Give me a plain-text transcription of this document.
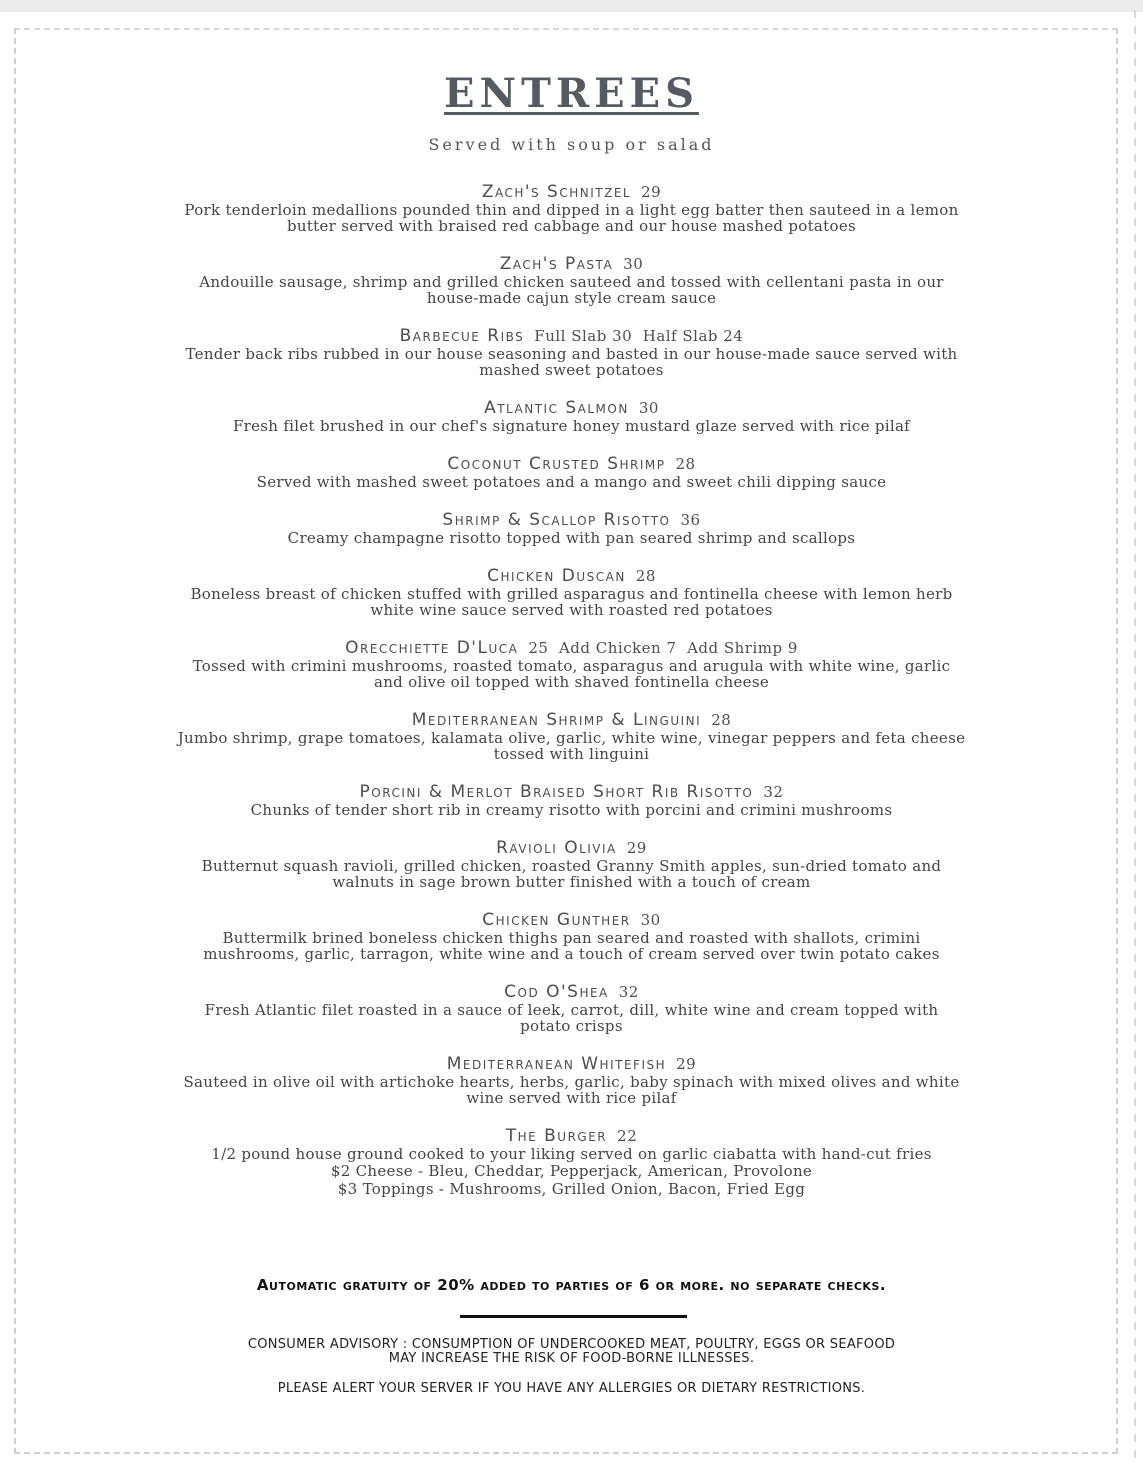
ENTREES
Served with soup or salad
Zach's Schnitzel 29
Pork tenderloin medallions pounded thin and dipped in a light egg batter then sauteed in a lemon
butter served with braised red cabbage and our house mashed potatoes
Zach's Pasta 30
Andouille sausage, shrimp and grilled chicken sauteed and tossed with cellentani pasta in our
house-made cajun style cream sauce
Barbecue Ribs Full Slab 30  Half Slab 24
Tender back ribs rubbed in our house seasoning and basted in our house-made sauce served with
mashed sweet potatoes
Atlantic Salmon 30
Fresh filet brushed in our chef's signature honey mustard glaze served with rice pilaf
Coconut Crusted Shrimp 28
Served with mashed sweet potatoes and a mango and sweet chili dipping sauce
Shrimp & Scallop Risotto 36
Creamy champagne risotto topped with pan seared shrimp and scallops
Chicken Duscan 28
Boneless breast of chicken stuffed with grilled asparagus and fontinella cheese with lemon herb
white wine sauce served with roasted red potatoes
Orecchiette D'Luca 25  Add Chicken 7  Add Shrimp 9
Tossed with crimini mushrooms, roasted tomato, asparagus and arugula with white wine, garlic
and olive oil topped with shaved fontinella cheese
Mediterranean Shrimp & Linguini 28
Jumbo shrimp, grape tomatoes, kalamata olive, garlic, white wine, vinegar peppers and feta cheese
tossed with linguini
Porcini & Merlot Braised Short Rib Risotto 32
Chunks of tender short rib in creamy risotto with porcini and crimini mushrooms
Ravioli Olivia 29
Butternut squash ravioli, grilled chicken, roasted Granny Smith apples, sun-dried tomato and
walnuts in sage brown butter finished with a touch of cream
Chicken Gunther 30
Buttermilk brined boneless chicken thighs pan seared and roasted with shallots, crimini
mushrooms, garlic, tarragon, white wine and a touch of cream served over twin potato cakes
Cod O'Shea 32
Fresh Atlantic filet roasted in a sauce of leek, carrot, dill, white wine and cream topped with
potato crisps
Mediterranean Whitefish 29
Sauteed in olive oil with artichoke hearts, herbs, garlic, baby spinach with mixed olives and white
wine served with rice pilaf
The Burger 22
1/2 pound house ground cooked to your liking served on garlic ciabatta with hand-cut fries
$2 Cheese - Bleu, Cheddar, Pepperjack, American, Provolone
$3 Toppings - Mushrooms, Grilled Onion, Bacon, Fried Egg
Automatic gratuity of 20% added to parties of 6 or more. no separate checks.
CONSUMER ADVISORY : CONSUMPTION OF UNDERCOOKED MEAT, POULTRY, EGGS OR SEAFOOD
MAY INCREASE THE RISK OF FOOD-BORNE ILLNESSES.
PLEASE ALERT YOUR SERVER IF YOU HAVE ANY ALLERGIES OR DIETARY RESTRICTIONS.
